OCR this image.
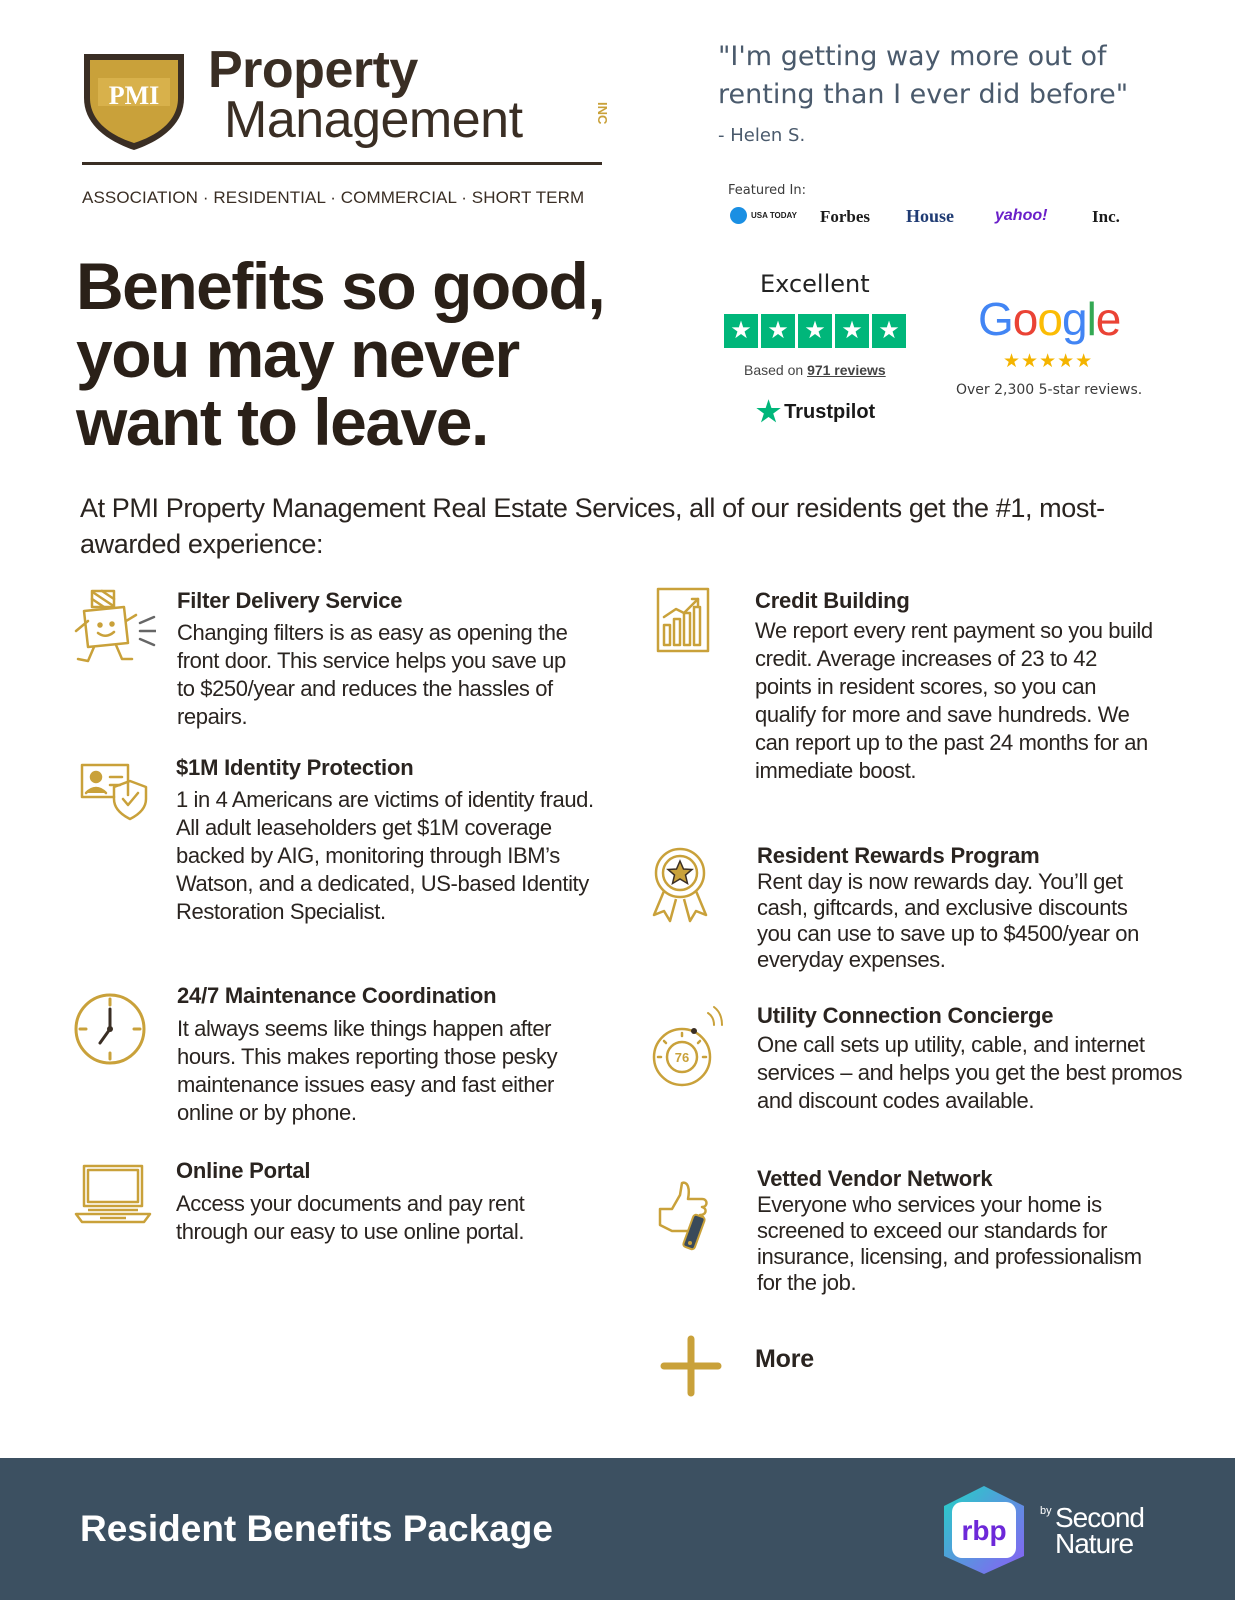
PMI Property
Management	INC
ASSOCIATION · RESIDENTIAL · COMMERCIAL · SHORT TERM
"I'm getting way more out of renting than I ever did before"
- Helen S.
Featured In:
USA TODAY Forbes House	yahoo!	Inc.
Benefits so good, you may never want to leave.
Excellent
★ ★ ★ ★ ★
Based on 971 reviews
★ Trustpilot
Google
★★★★★
Over 2,300 5-star reviews.

At PMI Property Management Real Estate Services, all of our residents get the #1, most-awarded experience:

Filter Delivery Service
Changing filters is as easy as opening the front door. This service helps you save up to $250/year and reduces the hassles of repairs.
$1M Identity Protection
1 in 4 Americans are victims of identity fraud. All adult leaseholders get $1M coverage backed by AIG, monitoring through IBM’s Watson, and a dedicated, US-based Identity Restoration Specialist.
24/7 Maintenance Coordination
It always seems like things happen after hours. This makes reporting those pesky maintenance issues easy and fast either online or by phone.
Online Portal
Access your documents and pay rent through our easy to use online portal.
Credit Building
We report every rent payment so you build credit. Average increases of 23 to 42 points in resident scores, so you can qualify for more and save hundreds. We can report up to the past 24 months for an immediate boost.
Resident Rewards Program
Rent day is now rewards day. You’ll get cash, giftcards, and exclusive discounts you can use to save up to $4500/year on everyday expenses.
76
Utility Connection Concierge
One call sets up utility, cable, and internet services – and helps you get the best promos and discount codes available.
Vetted Vendor Network
Everyone who services your home is screened to exceed our standards for insurance, licensing, and professionalism for the job.
More
Resident Benefits Package	rbp
by Second
Nature
